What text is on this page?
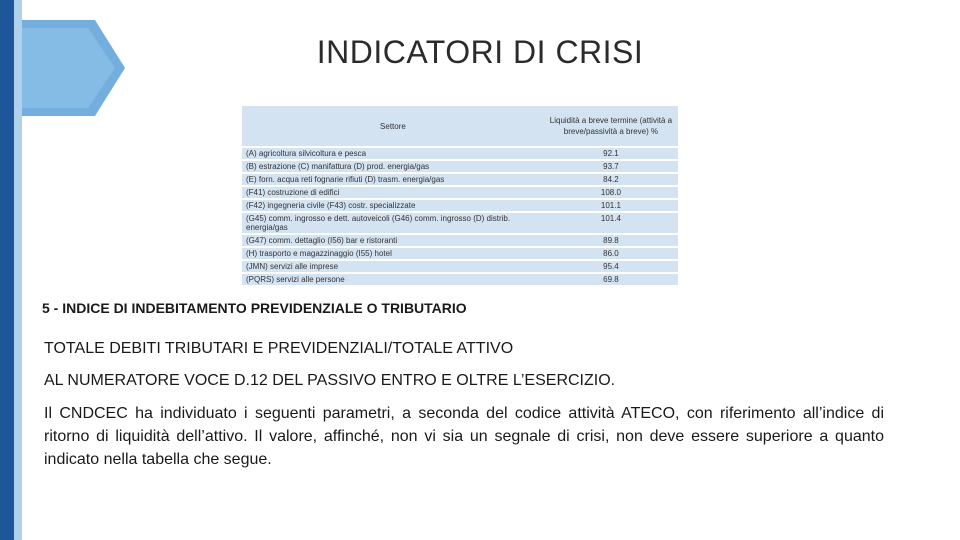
INDICATORI DI CRISI
Settore	Liquidità a breve termine (attività a breve/passività a breve) %
(A) agricoltura silvicoltura e pesca	92.1
(B) estrazione (C) manifattura (D) prod. energia/gas	93.7
(E) forn. acqua reti fognarie rifiuti (D) trasm. energia/gas	84.2
(F41) costruzione di edifici	108.0
(F42) ingegneria civile (F43) costr. specializzate	101.1
(G45) comm. ingrosso e dett. autoveicoli (G46) comm. ingrosso (D) distrib. energia/gas	101.4
(G47) comm. dettaglio (I56) bar e ristoranti	89.8
(H) trasporto e magazzinaggio (I55) hotel	86.0
(JMN) servizi alle imprese	95.4
(PQRS) servizi alle persone	69.8
5 - INDICE DI INDEBITAMENTO PREVIDENZIALE O TRIBUTARIO
TOTALE DEBITI TRIBUTARI E PREVIDENZIALI/TOTALE ATTIVO
AL NUMERATORE VOCE D.12 DEL PASSIVO ENTRO E OLTRE L’ESERCIZIO.
Il CNDCEC ha individuato i seguenti parametri, a seconda del codice attività ATECO, con riferimento all’indice di ritorno di liquidità dell’attivo. Il valore, affinché, non vi sia un segnale di crisi, non deve essere superiore a quanto indicato nella tabella che segue.
